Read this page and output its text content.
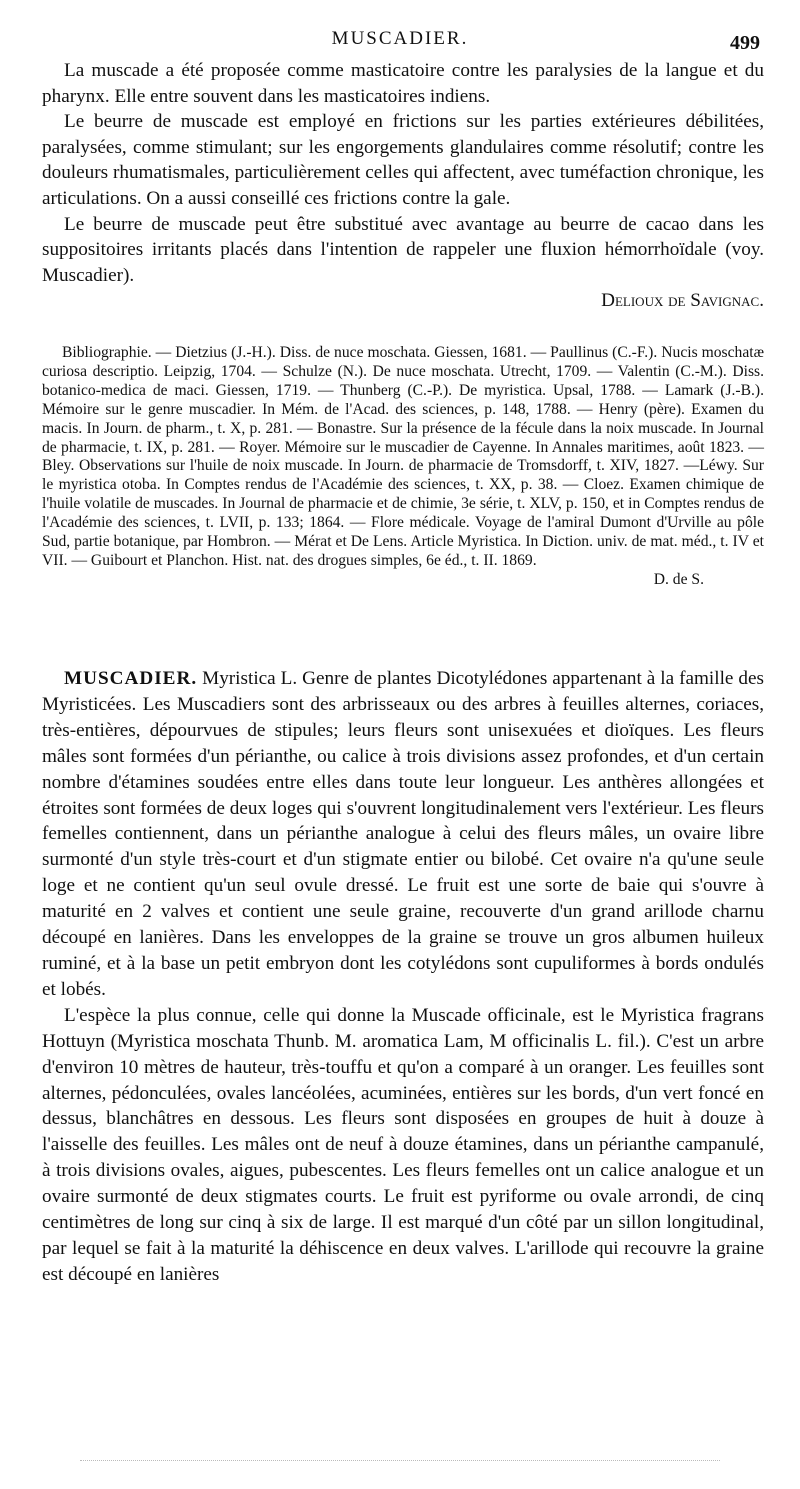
MUSCADIER.	499

La muscade a été proposée comme masticatoire contre les paralysies de la langue et du pharynx. Elle entre souvent dans les masticatoires indiens.

Le beurre de muscade est employé en frictions sur les parties extérieures débilitées, paralysées, comme stimulant; sur les engorgements glandulaires comme résolutif; contre les douleurs rhumatismales, particulièrement celles qui affectent, avec tuméfaction chronique, les articulations. On a aussi conseillé ces frictions contre la gale.

Le beurre de muscade peut être substitué avec avantage au beurre de cacao dans les suppositoires irritants placés dans l'intention de rappeler une fluxion hémorrhoïdale (voy. Muscadier).

Delioux de Savignac.

Bibliographie. — Dietzius (J.-H.). Diss. de nuce moschata. Giessen, 1681. — Paullinus (C.-F.). Nucis moschatæ curiosa descriptio. Leipzig, 1704. — Schulze (N.). De nuce moschata. Utrecht, 1709. — Valentin (C.-M.). Diss. botanico-medica de maci. Giessen, 1719. — Thunberg (C.-P.). De myristica. Upsal, 1788. — Lamark (J.-B.). Mémoire sur le genre muscadier. In Mém. de l'Acad. des sciences, p. 148, 1788. — Henry (père). Examen du macis. In Journ. de pharm., t. X, p. 281. — Bonastre. Sur la présence de la fécule dans la noix muscade. In Journal de pharmacie, t. IX, p. 281. — Royer. Mémoire sur le muscadier de Cayenne. In Annales maritimes, août 1823. — Bley. Observations sur l'huile de noix muscade. In Journ. de pharmacie de Tromsdorff, t. XIV, 1827. —Léwy. Sur le myristica otoba. In Comptes rendus de l'Académie des sciences, t. XX, p. 38. — Cloez. Examen chimique de l'huile volatile de muscades. In Journal de pharmacie et de chimie, 3e série, t. XLV, p. 150, et in Comptes rendus de l'Académie des sciences, t. LVII, p. 133; 1864. — Flore médicale. Voyage de l'amiral Dumont d'Urville au pôle Sud, partie botanique, par Hombron. — Mérat et De Lens. Article Myristica. In Diction. univ. de mat. méd., t. IV et VII. — Guibourt et Planchon. Hist. nat. des drogues simples, 6e éd., t. II. 1869.

D. de S.

MUSCADIER. Myristica L. Genre de plantes Dicotylédones appartenant à la famille des Myristicées. Les Muscadiers sont des arbrisseaux ou des arbres à feuilles alternes, coriaces, très-entières, dépourvues de stipules; leurs fleurs sont unisexuées et dioïques. Les fleurs mâles sont formées d'un périanthe, ou calice à trois divisions assez profondes, et d'un certain nombre d'étamines soudées entre elles dans toute leur longueur. Les anthères allongées et étroites sont formées de deux loges qui s'ouvrent longitudinalement vers l'extérieur. Les fleurs femelles contiennent, dans un périanthe analogue à celui des fleurs mâles, un ovaire libre surmonté d'un style très-court et d'un stigmate entier ou bilobé. Cet ovaire n'a qu'une seule loge et ne contient qu'un seul ovule dressé. Le fruit est une sorte de baie qui s'ouvre à maturité en 2 valves et contient une seule graine, recouverte d'un grand arillode charnu découpé en lanières. Dans les enveloppes de la graine se trouve un gros albumen huileux ruminé, et à la base un petit embryon dont les cotylédons sont cupuliformes à bords ondulés et lobés.

L'espèce la plus connue, celle qui donne la Muscade officinale, est le Myristica fragrans Hottuyn (Myristica moschata Thunb. M. aromatica Lam, M officinalis L. fil.). C'est un arbre d'environ 10 mètres de hauteur, très-touffu et qu'on a comparé à un oranger. Les feuilles sont alternes, pédonculées, ovales lancéolées, acuminées, entières sur les bords, d'un vert foncé en dessus, blanchâtres en dessous. Les fleurs sont disposées en groupes de huit à douze à l'aisselle des feuilles. Les mâles ont de neuf à douze étamines, dans un périanthe campanulé, à trois divisions ovales, aigues, pubescentes. Les fleurs femelles ont un calice analogue et un ovaire surmonté de deux stigmates courts. Le fruit est pyriforme ou ovale arrondi, de cinq centimètres de long sur cinq à six de large. Il est marqué d'un côté par un sillon longitudinal, par lequel se fait à la maturité la déhiscence en deux valves. L'arillode qui recouvre la graine est découpé en lanières
